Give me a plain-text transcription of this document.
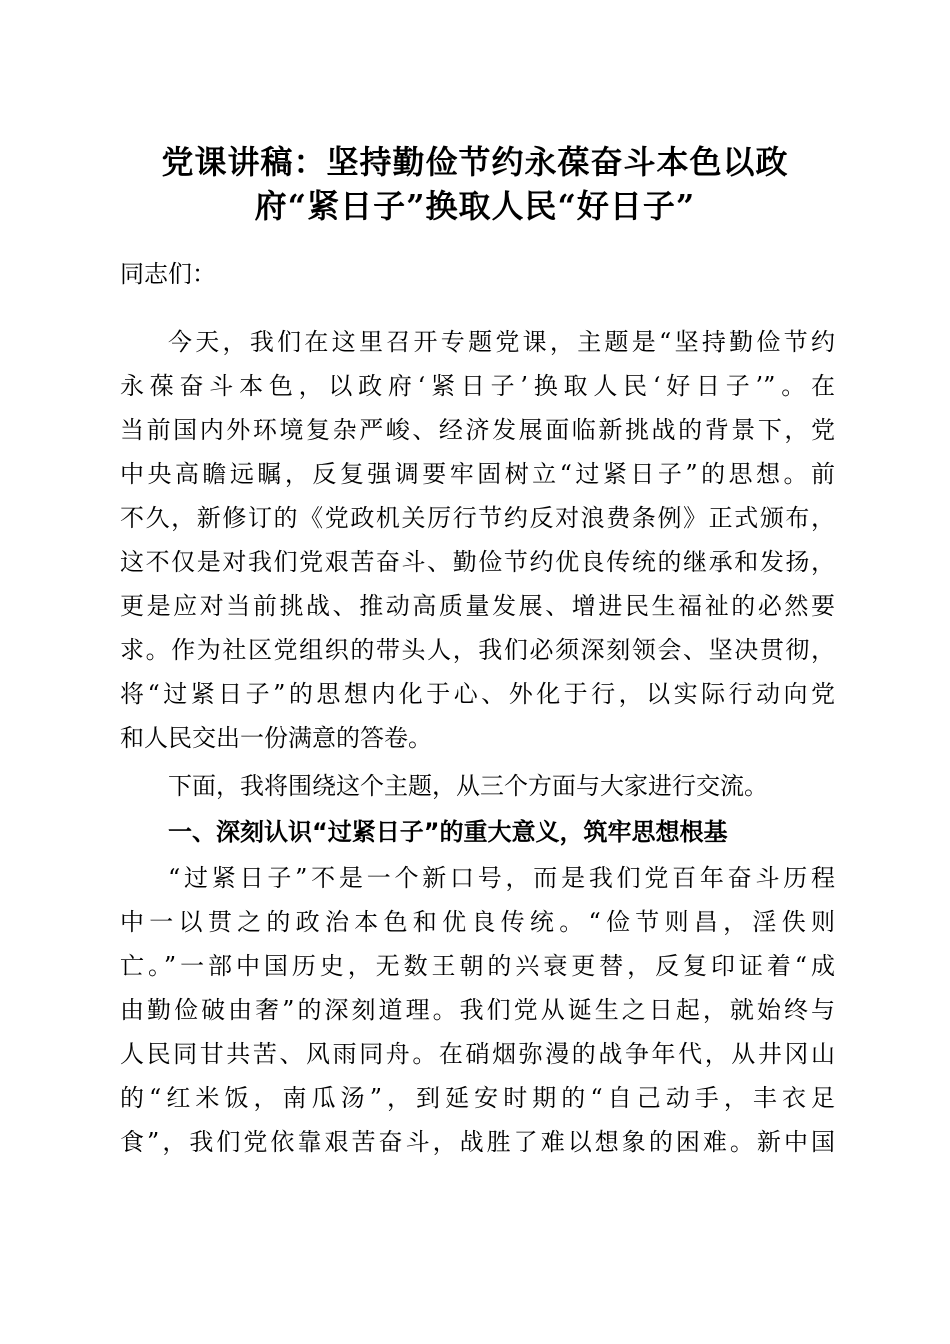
党课讲稿：坚持勤俭节约永葆奋斗本色以政
府“紧日子”换取人民“好日子”
同志们：
今天，我们在这里召开专题党课，主题是“坚持勤俭节约
永葆奋斗本色，以政府‘紧日子’换取人民‘好日子’”。在
当前国内外环境复杂严峻、经济发展面临新挑战的背景下，党
中央高瞻远瞩，反复强调要牢固树立“过紧日子”的思想。前
不久，新修订的《党政机关厉行节约反对浪费条例》正式颁布，
这不仅是对我们党艰苦奋斗、勤俭节约优良传统的继承和发扬，
更是应对当前挑战、推动高质量发展、增进民生福祉的必然要
求。作为社区党组织的带头人，我们必须深刻领会、坚决贯彻，
将“过紧日子”的思想内化于心、外化于行，以实际行动向党
和人民交出一份满意的答卷。
下面，我将围绕这个主题，从三个方面与大家进行交流。
一、深刻认识“过紧日子”的重大意义，筑牢思想根基
“过紧日子”不是一个新口号，而是我们党百年奋斗历程
中一以贯之的政治本色和优良传统。“俭节则昌，淫佚则
亡。”一部中国历史，无数王朝的兴衰更替，反复印证着“成
由勤俭破由奢”的深刻道理。我们党从诞生之日起，就始终与
人民同甘共苦、风雨同舟。在硝烟弥漫的战争年代，从井冈山
的“红米饭，南瓜汤”，到延安时期的“自己动手，丰衣足
食”，我们党依靠艰苦奋斗，战胜了难以想象的困难。新中国
